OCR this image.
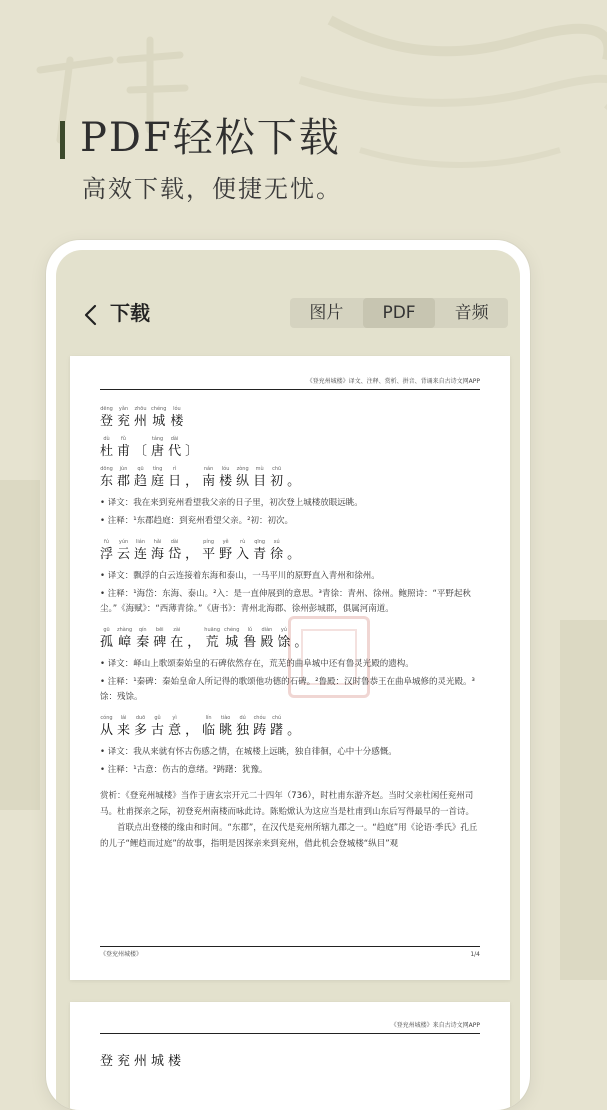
PDF轻松下载
高效下载，便捷无忧。
下载	图片	PDF	音频
《登兖州城楼》译文、注释、赏析、拼音、背诵来自古诗文网APP
dēng
登
yǎn
兖
zhōu
州
chéng
城
lóu
楼
dù
杜
fǔ
甫 〔
táng
唐
dài
代 〕
dōng
东
jùn
郡
qū
趋
tíng
庭
rì
日 ，
nán
南
lóu
楼
zòng
纵
mù
目
chū
初 。
• 译文：我在来到兖州看望我父亲的日子里，初次登上城楼放眼远眺。
• 注释：¹东郡趋庭：到兖州看望父亲。²初：初次。
fú
浮
yún
云
lián
连
hǎi
海
dài
岱 ，
píng
平
yě
野
rù
入
qīng
青
xú
徐 。
• 译文：飘浮的白云连接着东海和泰山，一马平川的原野直入青州和徐州。
• 注释：¹海岱：东海、泰山。²入：是一直伸展到的意思。³青徐：青州、徐州。鲍照诗：“平野起秋尘。”《海赋》：“西薄青徐。”《唐书》：青州北海郡、徐州彭城郡，俱属河南道。
gū
孤
zhàng
嶂
qín
秦
bēi
碑
zài
在 ，
huāng
荒
chéng
城
lǔ
鲁
diàn
殿
yú
馀 。
• 译文：峄山上歌颂秦始皇的石碑依然存在，荒芜的曲阜城中还有鲁灵光殿的遗构。
• 注释：¹秦碑：秦始皇命人所记得的歌颂他功德的石碑。²鲁殿：汉时鲁恭王在曲阜城修的灵光殿。³馀：残馀。
cóng
从
lái
来
duō
多
gǔ
古
yì
意 ，
lín
临
tiào
眺
dú
独
chóu
踌
chú
躇 。
• 译文：我从来就有怀古伤感之情，在城楼上远眺，独自徘徊，心中十分感慨。
• 注释：¹古意：伤古的意绪。²踌躇：犹豫。

赏析：《登兖州城楼》当作于唐玄宗开元二十四年（736），时杜甫东游齐赵。当时父亲杜闲任兖州司马。杜甫探亲之际，初登兖州南楼而咏此诗。陈贻焮认为这应当是杜甫到山东后写得最早的一首诗。

首联点出登楼的缘由和时间。“东郡”，在汉代是兖州所辖九郡之一。“趋庭”用《论语·季氏》孔丘的儿子“鲤趋而过庭”的故事，指明是因探亲来到兖州，借此机会登城楼“纵目”观

《登兖州城楼》	1/4
《登兖州城楼》来自古诗文网APP
登兖州城楼
